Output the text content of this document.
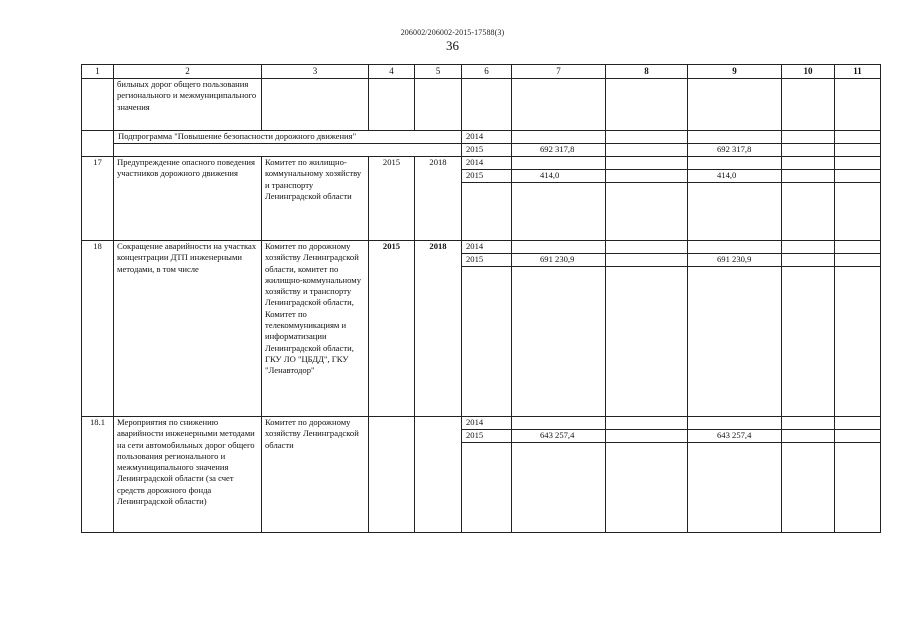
206002/206002-2015-17588(3)
36
1	2	3	4	5	6	7	8	9	10	11
	бильных дорог общего пользования регионального и межмуниципального значения									
	Подпрограмма "Повышение безопасности дорожного движения"				2014					
					2015	692 317,8		692 317,8		
17	Предупреждение опасного поведения участников дорожного движения	Комитет по жилищно-коммунальному хозяйству и транспорту Ленинградской области	2015	2018	2014					
					2015	414,0		414,0		

18	Сокращение аварийности на участках концентрации ДТП инженерными методами, в том числе	Комитет по дорожному хозяйству Ленинградской области, комитет по жилищно-коммунальному хозяйству и транспорту Ленинградской области, Комитет по телекоммуникациям и информатизации Ленинградской области, ГКУ ЛО "ЦБДД", ГКУ "Ленавтодор"	2015	2018	2014					
					2015	691 230,9		691 230,9		

18.1	Мероприятия по снижению аварийности инженерными методами на сети автомобильных дорог общего пользования регионального и межмуниципального значения Ленинградской области (за счет средств дорожного фонда Ленинградской области)	Комитет по дорожному хозяйству Ленинградской области			2014					
					2015	643 257,4		643 257,4		
